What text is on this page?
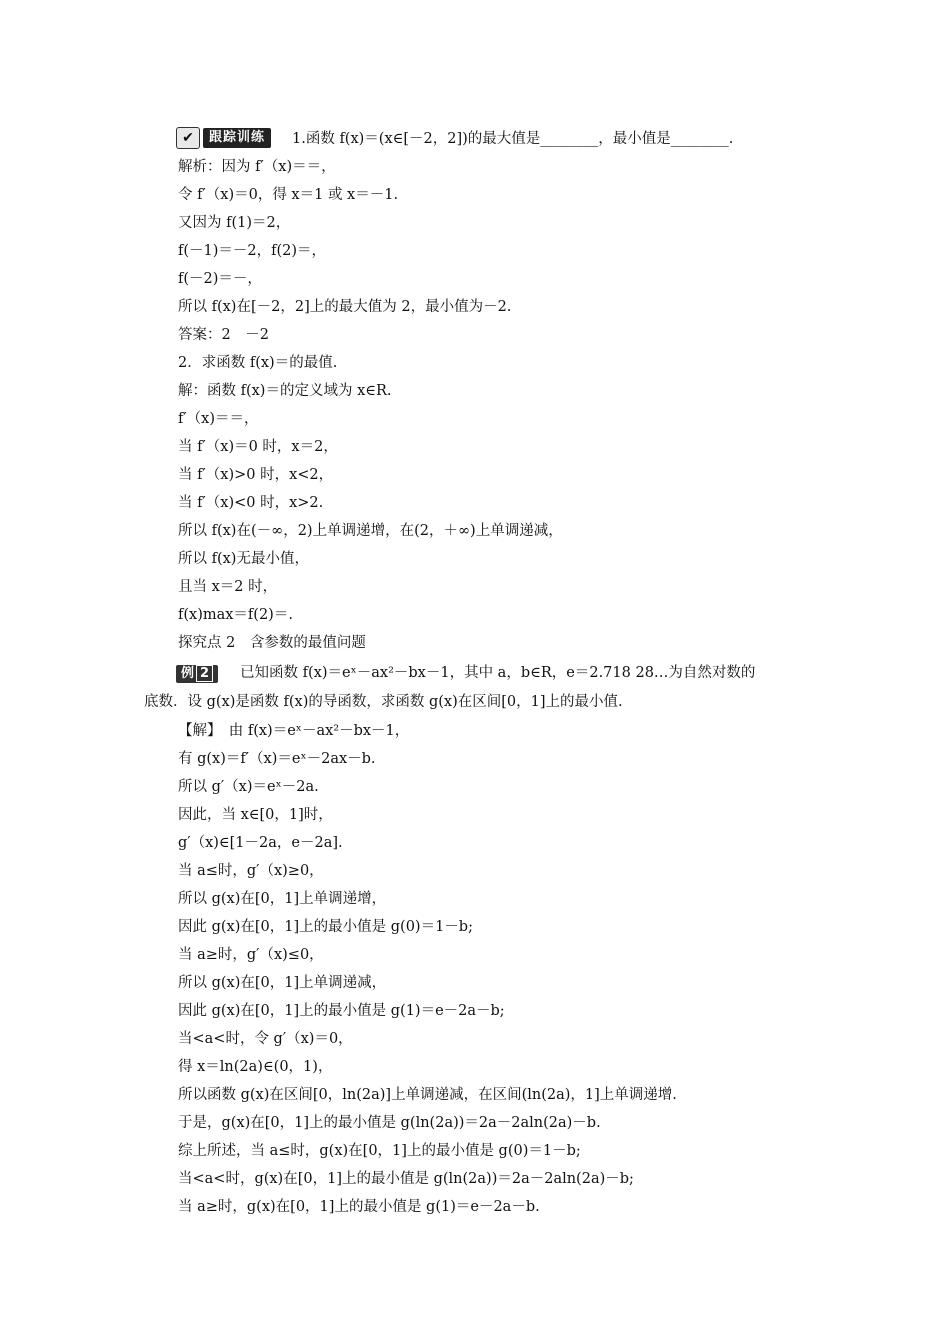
✔	跟踪训练	1.函数 f(x)＝(x∈[－2，2])的最大值是________，最小值是________.
解析：因为 f′（x)＝＝，
令 f′（x)＝0，得 x＝1 或 x＝－1.
又因为 f(1)＝2，
f(－1)＝－2，f(2)＝，
f(－2)＝－，
所以 f(x)在[－2，2]上的最大值为 2，最小值为－2.
答案：2　－2
2．求函数 f(x)＝的最值.
解：函数 f(x)＝的定义域为 x∈R.
f′（x)＝＝，
当 f′（x)＝0 时，x＝2，
当 f′（x)>0 时，x<2，
当 f′（x)<0 时，x>2.
所以 f(x)在(－∞，2)上单调递增，在(2，＋∞)上单调递减，
所以 f(x)无最小值，
且当 x＝2 时，
f(x)max＝f(2)＝.
探究点 2　含参数的最值问题
例 2 已知函数 f(x)＝eˣ－ax²－bx－1，其中 a，b∈R，e＝2.718 28…为自然对数的
底数．设 g(x)是函数 f(x)的导函数，求函数 g(x)在区间[0，1]上的最小值.
【解】　由 f(x)＝eˣ－ax²－bx－1，
有 g(x)＝f′（x)＝eˣ－2ax－b.
所以 g′（x)＝eˣ－2a.
因此，当 x∈[0，1]时，
g′（x)∈[1－2a，e－2a].
当 a≤时，g′（x)≥0，
所以 g(x)在[0，1]上单调递增，
因此 g(x)在[0，1]上的最小值是 g(0)＝1－b;
当 a≥时，g′（x)≤0，
所以 g(x)在[0，1]上单调递减，
因此 g(x)在[0，1]上的最小值是 g(1)＝e－2a－b;
当<a<时，令 g′（x)＝0，
得 x＝ln(2a)∈(0，1)，
所以函数 g(x)在区间[0，ln(2a)]上单调递减，在区间(ln(2a)，1]上单调递增.
于是，g(x)在[0，1]上的最小值是 g(ln(2a))＝2a－2aln(2a)－b.
综上所述，当 a≤时，g(x)在[0，1]上的最小值是 g(0)＝1－b;
当<a<时，g(x)在[0，1]上的最小值是 g(ln(2a))＝2a－2aln(2a)－b;
当 a≥时，g(x)在[0，1]上的最小值是 g(1)＝e－2a－b.
